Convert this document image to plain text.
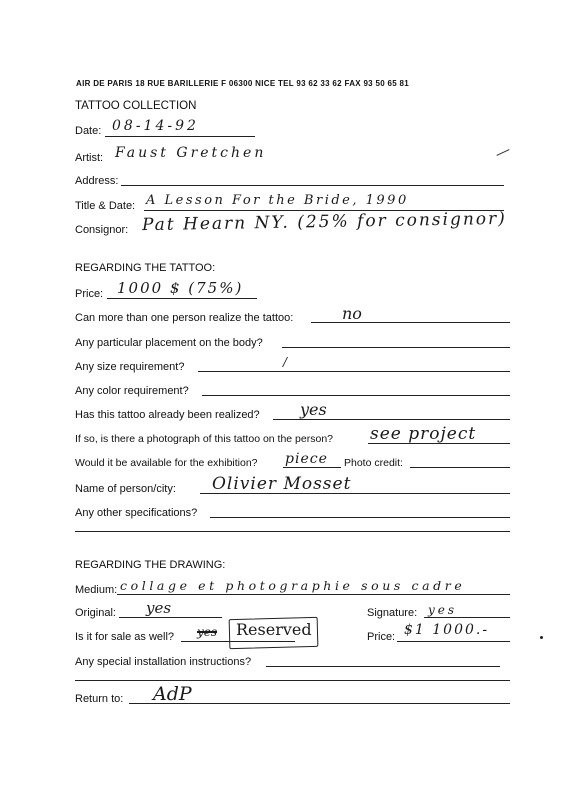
AIR DE PARIS 18 RUE BARILLERIE F 06300 NICE TEL 93 62 33 62 FAX 93 50 65 81
TATTOO COLLECTION
Date: 08-14-92
Artist: Faust Gretchen
Address:
Title & Date: A Lesson For the Bride, 1990
Consignor: Pat Hearn NY. (25% for consignor)
REGARDING THE TATTOO:
Price: 1000 $ (75%)
Can more than one person realize the tattoo:	no
Any particular placement on the body?
Any size requirement?	/
Any color requirement?
Has this tattoo already been realized?	yes
If so, is there a photograph of this tattoo on the person? see project
Would it be available for the exhibition? piece Photo credit:
Name of person/city: Olivier Mosset
Any other specifications?
REGARDING THE DRAWING:
Medium: collage et photographie sous cadre
Original: yes	Signature: yes
Is it for sale as well? yes Reserved	Price: $1 1000.-
Any special installation instructions?
Return to: AdP
